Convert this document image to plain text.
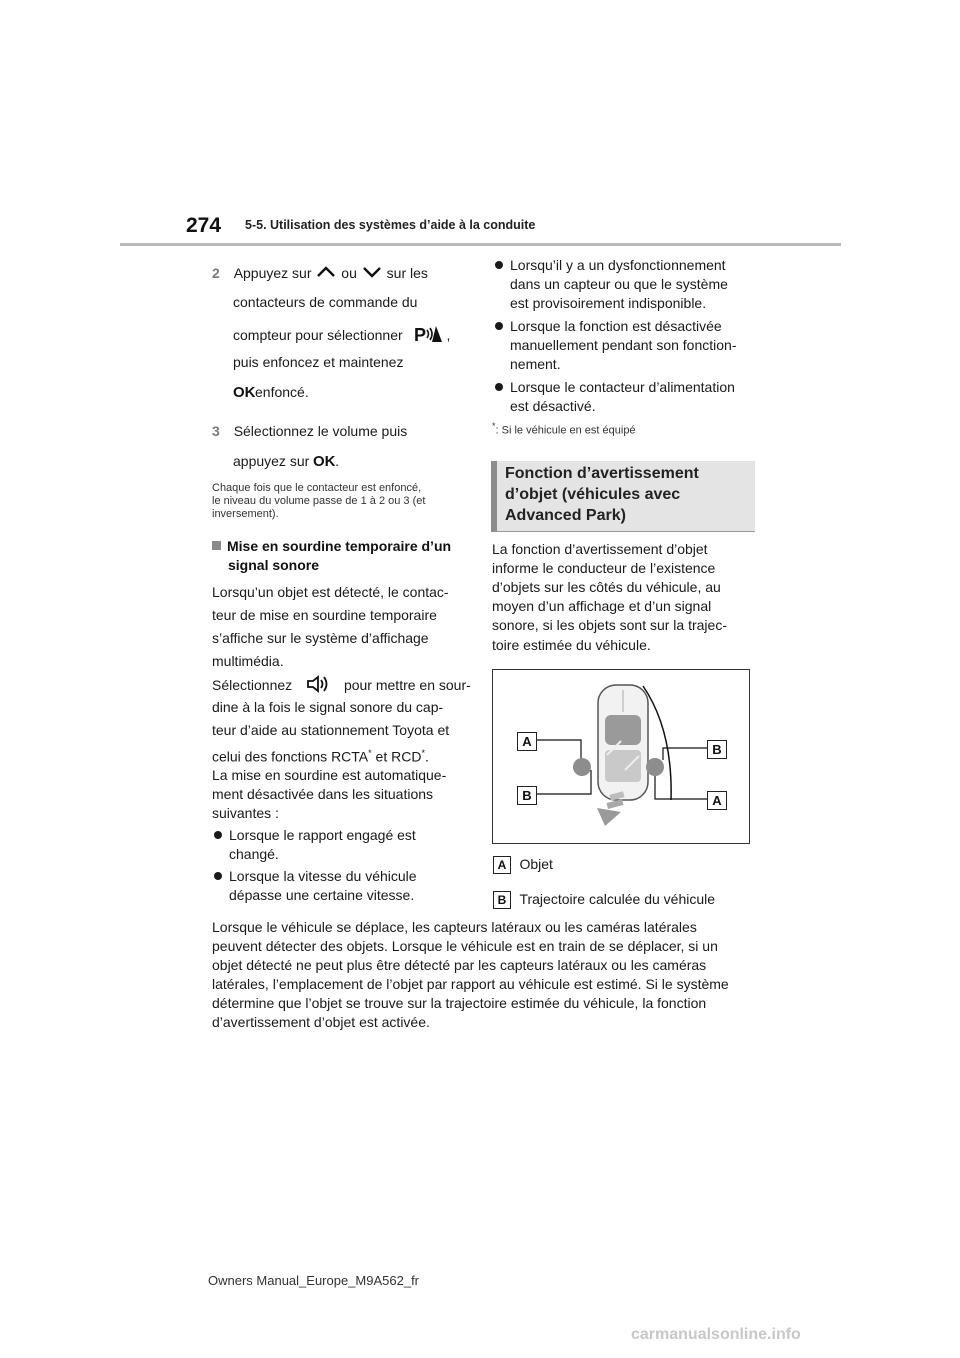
274 5-5. Utilisation des systèmes d’aide à la conduite
2 Appuyez sur ou sur les
contacteurs de commande du
compteur pour sélectionner P ,
puis enfoncez et maintenez
OK enfoncé.
3 Sélectionnez le volume puis
appuyez sur OK .
Chaque fois que le contacteur est enfoncé,
le niveau du volume passe de 1 à 2 ou 3 (et
inversement).
Mise en sourdine temporaire d’un
signal sonore
Lorsqu’un objet est détecté, le contac-
teur de mise en sourdine temporaire
s’affiche sur le système d’affichage
multimédia.
Sélectionnez	pour mettre en sour-
dine à la fois le signal sonore du cap-
teur d’aide au stationnement Toyota et
celui des fonctions RCTA* et RCD*.
La mise en sourdine est automatique-
ment désactivée dans les situations
suivantes :
Lorsque le rapport engagé est
changé.
Lorsque la vitesse du véhicule
dépasse une certaine vitesse.
Lorsqu’il y a un dysfonctionnement
dans un capteur ou que le système
est provisoirement indisponible.
Lorsque la fonction est désactivée
manuellement pendant son fonction-
nement.
Lorsque le contacteur d’alimentation
est désactivé.
*: Si le véhicule en est équipé
Fonction d’avertissement
d’objet (véhicules avec
Advanced Park)
La fonction d’avertissement d’objet
informe le conducteur de l’existence
d’objets sur les côtés du véhicule, au
moyen d’un affichage et d’un signal
sonore, si les objets sont sur la trajec-
toire estimée du véhicule.
A
B
B
A
A Objet
B Trajectoire calculée du véhicule
Lorsque le véhicule se déplace, les capteurs latéraux ou les caméras latérales
peuvent détecter des objets. Lorsque le véhicule est en train de se déplacer, si un
objet détecté ne peut plus être détecté par les capteurs latéraux ou les caméras
latérales, l’emplacement de l’objet par rapport au véhicule est estimé. Si le système
détermine que l’objet se trouve sur la trajectoire estimée du véhicule, la fonction
d’avertissement d’objet est activée.
Owners Manual_Europe_M9A562_fr
carmanualsonline.info
